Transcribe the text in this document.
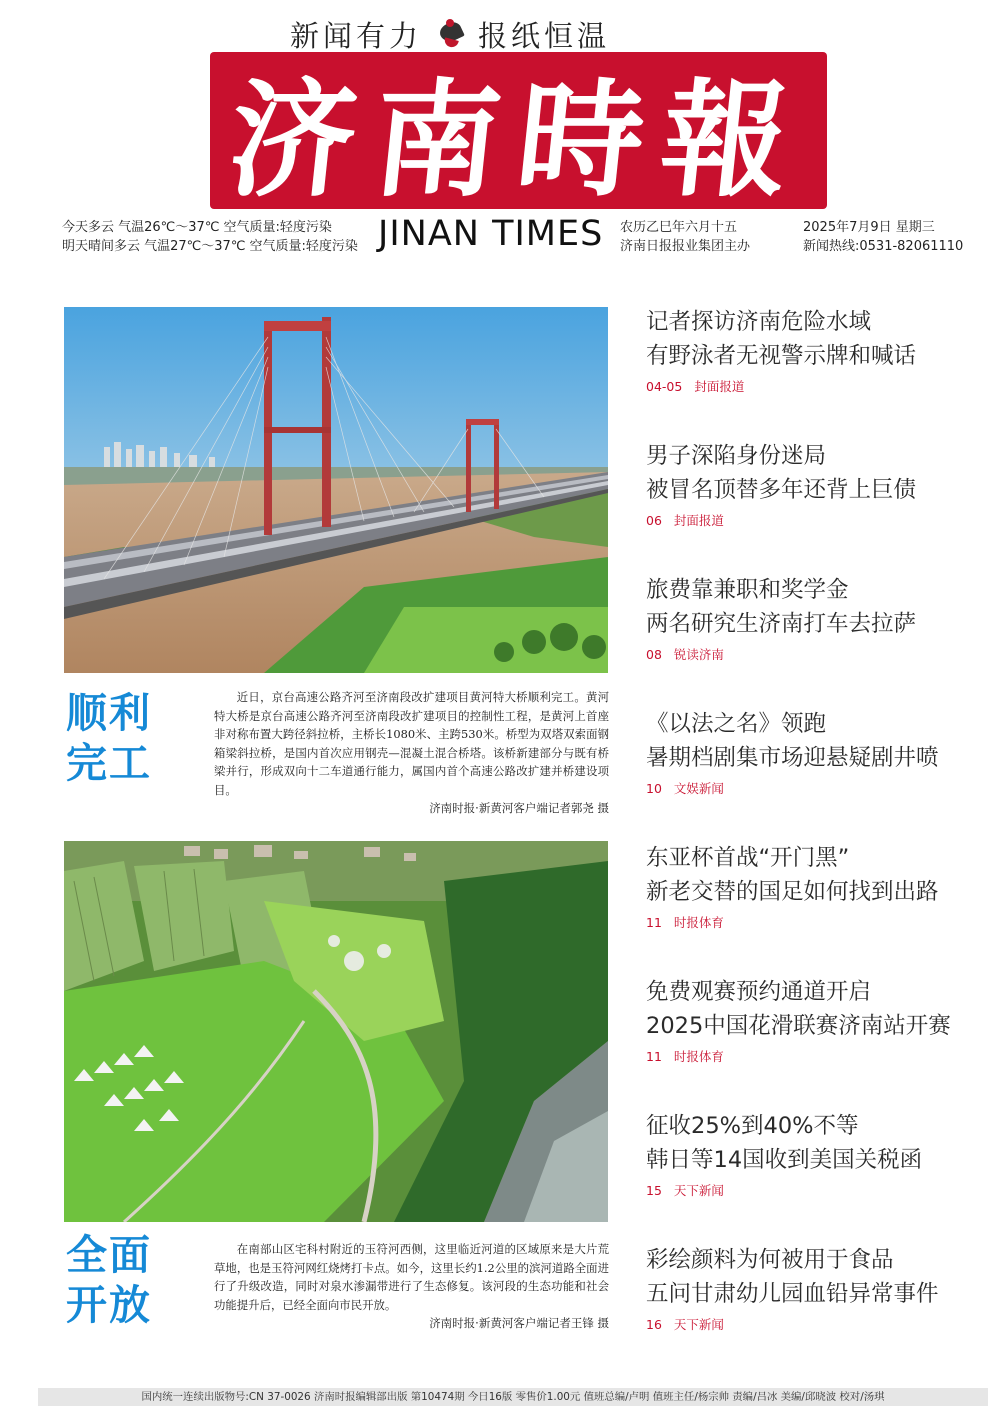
新闻有力 报纸恒温
济南時報
今天多云 气温26℃～37℃ 空气质量:轻度污染
明天晴间多云 气温27℃～37℃ 空气质量:轻度污染 JINAN TIMES 农历乙巳年六月十五
济南日报报业集团主办
2025年7月9日 星期三
新闻热线:0531-82061110
顺利
完工

近日，京台高速公路齐河至济南段改扩建项目黄河特大桥顺利完工。黄河特大桥是京台高速公路齐河至济南段改扩建项目的控制性工程，是黄河上首座非对称布置大跨径斜拉桥，主桥长1080米、主跨530米。桥型为双塔双索面钢箱梁斜拉桥，是国内首次应用钢壳—混凝土混合桥塔。该桥新建部分与既有桥梁并行，形成双向十二车道通行能力，属国内首个高速公路改扩建并桥建设项目。
济南时报·新黄河客户端记者郭尧 摄

全面
开放

在南部山区宅科村附近的玉符河西侧，这里临近河道的区域原来是大片荒草地，也是玉符河网红烧烤打卡点。如今，这里长约1.2公里的滨河道路全面进行了升级改造，同时对泉水渗漏带进行了生态修复。该河段的生态功能和社会功能提升后，已经全面向市民开放。
济南时报·新黄河客户端记者王锋 摄

记者探访济南危险水域
有野泳者无视警示牌和喊话
04-05 封面报道
男子深陷身份迷局
被冒名顶替多年还背上巨债
06 封面报道
旅费靠兼职和奖学金
两名研究生济南打车去拉萨
08 锐读济南
《以法之名》领跑
暑期档剧集市场迎悬疑剧井喷
10 文娱新闻
东亚杯首战“开门黑”
新老交替的国足如何找到出路
11 时报体育
免费观赛预约通道开启
2025中国花滑联赛济南站开赛
11 时报体育
征收25%到40%不等
韩日等14国收到美国关税函
15 天下新闻
彩绘颜料为何被用于食品
五问甘肃幼儿园血铅异常事件
16 天下新闻
国内统一连续出版物号:CN 37-0026 济南时报编辑部出版 第10474期 今日16版 零售价1.00元 值班总编/卢明 值班主任/杨宗帅 责编/吕冰 美编/邱晓波 校对/汤琪
